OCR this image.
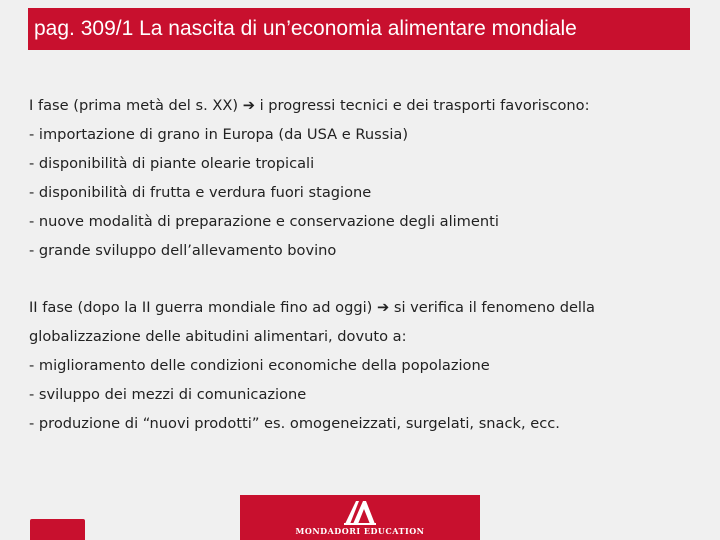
pag. 309/1 La nascita di un’economia alimentare mondiale
I fase (prima metà del s. XX) ➔ i progressi tecnici e dei trasporti favoriscono:
- importazione di grano in Europa (da USA e Russia)
- disponibilità di piante olearie tropicali
- disponibilità di frutta e verdura fuori stagione
- nuove modalità di preparazione e conservazione degli alimenti
- grande sviluppo dell’allevamento bovino
II fase (dopo la II guerra mondiale fino ad oggi) ➔ si verifica il fenomeno della globalizzazione delle abitudini alimentari, dovuto a:
- miglioramento delle condizioni economiche della popolazione
- sviluppo dei mezzi di comunicazione
- produzione di “nuovi prodotti” es. omogeneizzati, surgelati, snack, ecc.
MONDADORI EDUCATION
